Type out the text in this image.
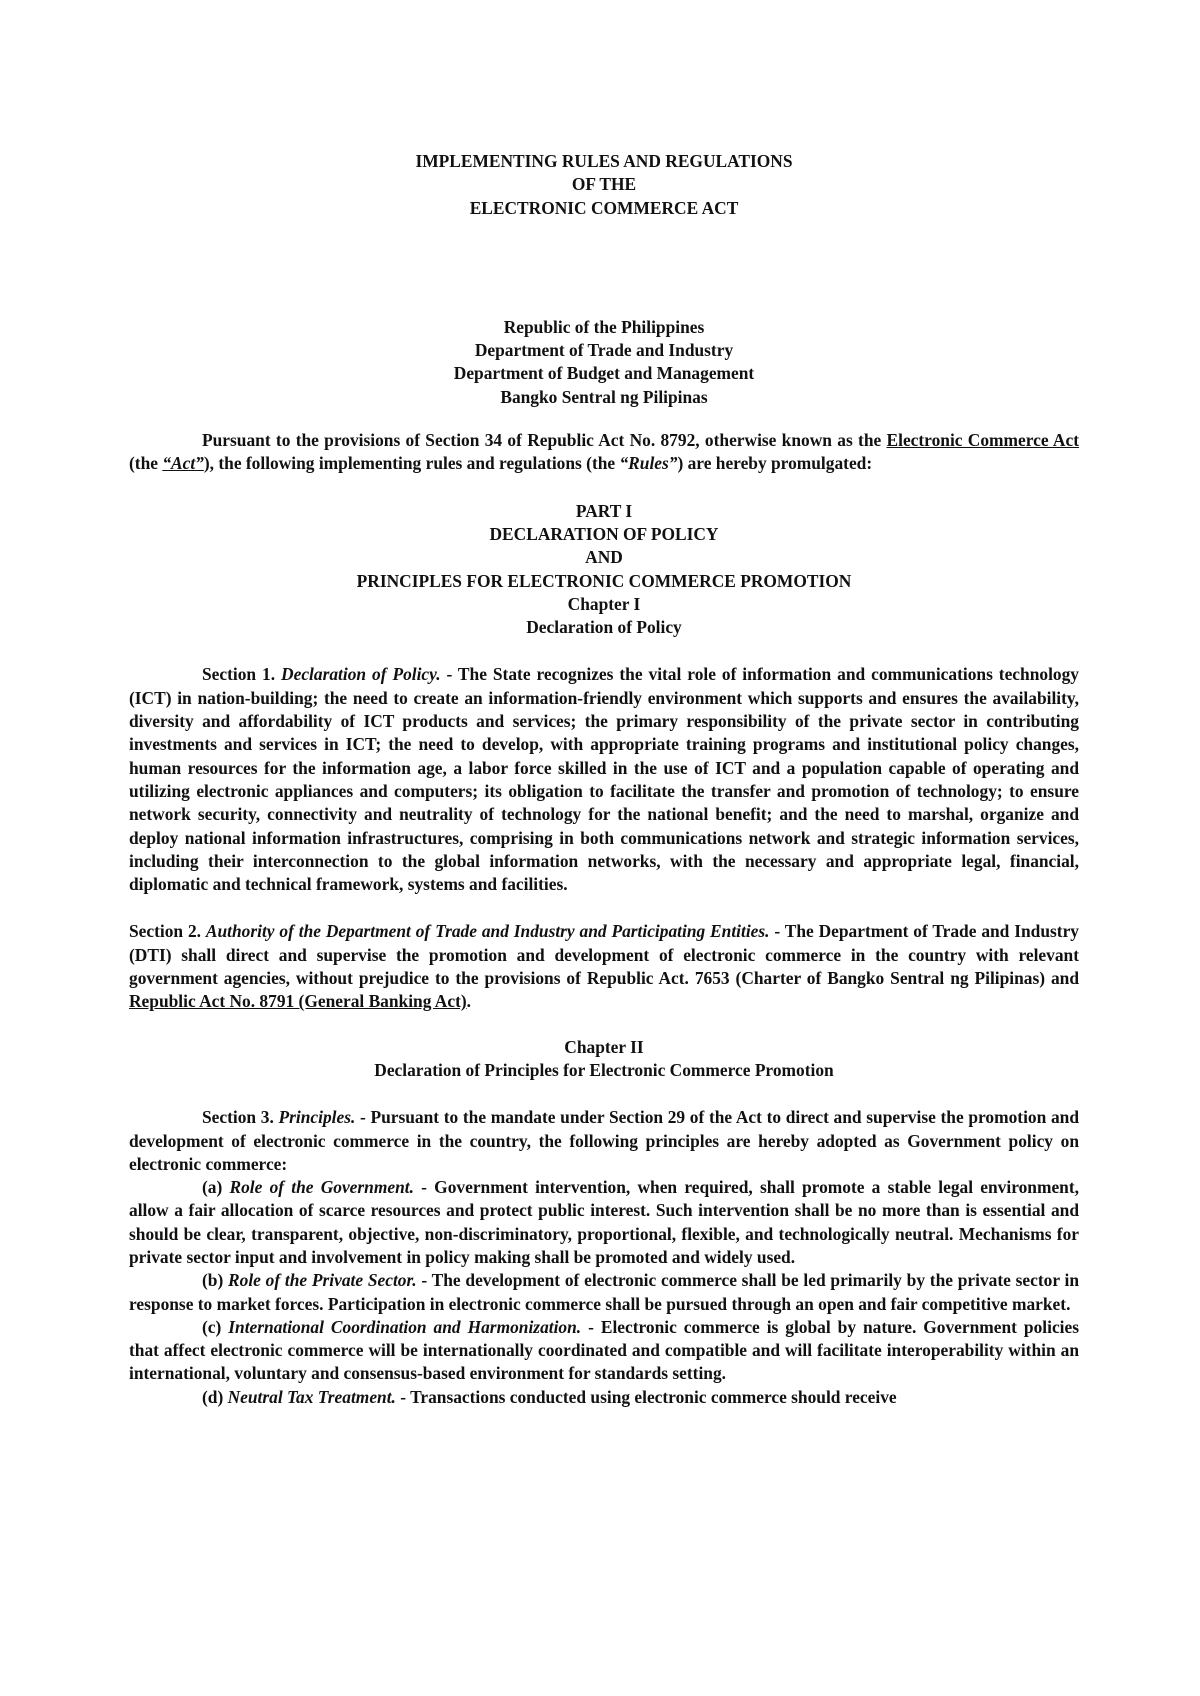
IMPLEMENTING RULES AND REGULATIONS
OF THE
ELECTRONIC COMMERCE ACT
Republic of the Philippines
Department of Trade and Industry
Department of Budget and Management
Bangko Sentral ng Pilipinas

Pursuant to the provisions of Section 34 of Republic Act No. 8792, otherwise known as the Electronic Commerce Act (the “Act”), the following implementing rules and regulations (the “Rules”) are hereby promulgated:

PART I
DECLARATION OF POLICY
AND
PRINCIPLES FOR ELECTRONIC COMMERCE PROMOTION
Chapter I
Declaration of Policy

Section 1. Declaration of Policy. - The State recognizes the vital role of information and communications technology (ICT) in nation-building; the need to create an information-friendly environment which supports and ensures the availability, diversity and affordability of ICT products and services; the primary responsibility of the private sector in contributing investments and services in ICT; the need to develop, with appropriate training programs and institutional policy changes, human resources for the information age, a labor force skilled in the use of ICT and a population capable of operating and utilizing electronic appliances and computers; its obligation to facilitate the transfer and promotion of technology; to ensure network security, connectivity and neutrality of technology for the national benefit; and the need to marshal, organize and deploy national information infrastructures, comprising in both communications network and strategic information services, including their interconnection to the global information networks, with the necessary and appropriate legal, financial, diplomatic and technical framework, systems and facilities.

Section 2. Authority of the Department of Trade and Industry and Participating Entities. - The Department of Trade and Industry (DTI) shall direct and supervise the promotion and development of electronic commerce in the country with relevant government agencies, without prejudice to the provisions of Republic Act. 7653 (Charter of Bangko Sentral ng Pilipinas) and Republic Act No. 8791 (General Banking Act).

Chapter II
Declaration of Principles for Electronic Commerce Promotion

Section 3. Principles. - Pursuant to the mandate under Section 29 of the Act to direct and supervise the promotion and development of electronic commerce in the country, the following principles are hereby adopted as Government policy on electronic commerce:

(a) Role of the Government. - Government intervention, when required, shall promote a stable legal environment, allow a fair allocation of scarce resources and protect public interest. Such intervention shall be no more than is essential and should be clear, transparent, objective, non-discriminatory, proportional, flexible, and technologically neutral. Mechanisms for private sector input and involvement in policy making shall be promoted and widely used.

(b) Role of the Private Sector. - The development of electronic commerce shall be led primarily by the private sector in response to market forces. Participation in electronic commerce shall be pursued through an open and fair competitive market.

(c) International Coordination and Harmonization. - Electronic commerce is global by nature. Government policies that affect electronic commerce will be internationally coordinated and compatible and will facilitate interoperability within an international, voluntary and consensus-based environment for standards setting.

(d) Neutral Tax Treatment. - Transactions conducted using electronic commerce should receive
